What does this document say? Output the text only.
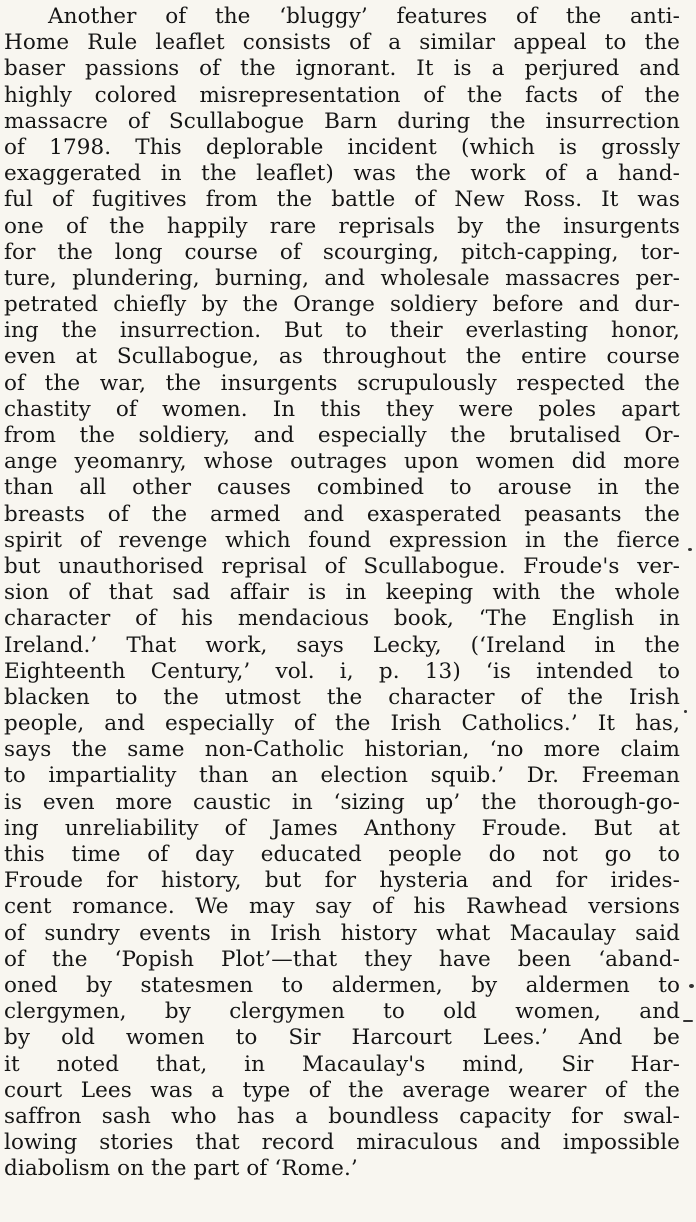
Another of the ‘bluggy’ features of the anti-
Home Rule leaflet consists of a similar appeal to the
baser passions of the ignorant. It is a perjured and
highly colored misrepresentation of the facts of the
massacre of Scullabogue Barn during the insurrection
of 1798. This deplorable incident (which is grossly
exaggerated in the leaflet) was the work of a hand-
ful of fugitives from the battle of New Ross. It was
one of the happily rare reprisals by the insurgents
for the long course of scourging, pitch-capping, tor-
ture, plundering, burning, and wholesale massacres per-
petrated chiefly by the Orange soldiery before and dur-
ing the insurrection. But to their everlasting honor,
even at Scullabogue, as throughout the entire course
of the war, the insurgents scrupulously respected the
chastity of women. In this they were poles apart
from the soldiery, and especially the brutalised Or-
ange yeomanry, whose outrages upon women did more
than all other causes combined to arouse in the
breasts of the armed and exasperated peasants the
spirit of revenge which found expression in the fierce
but unauthorised reprisal of Scullabogue. Froude's ver-
sion of that sad affair is in keeping with the whole
character of his mendacious book, ‘The English in
Ireland.’ That work, says Lecky, (‘Ireland in the
Eighteenth Century,’ vol. i, p. 13) ‘is intended to
blacken to the utmost the character of the Irish
people, and especially of the Irish Catholics.’ It has,
says the same non-Catholic historian, ‘no more claim
to impartiality than an election squib.’ Dr. Freeman
is even more caustic in ‘sizing up’ the thorough-go-
ing unreliability of James Anthony Froude. But at
this time of day educated people do not go to
Froude for history, but for hysteria and for irides-
cent romance. We may say of his Rawhead versions
of sundry events in Irish history what Macaulay said
of the ‘Popish Plot’—that they have been ‘aband-
oned by statesmen to aldermen, by aldermen to
clergymen, by clergymen to old women, and
by old women to Sir Harcourt Lees.’ And be
it noted that, in Macaulay's mind, Sir Har-
court Lees was a type of the average wearer of the
saffron sash who has a boundless capacity for swal-
lowing stories that record miraculous and impossible
diabolism on the part of ‘Rome.’
